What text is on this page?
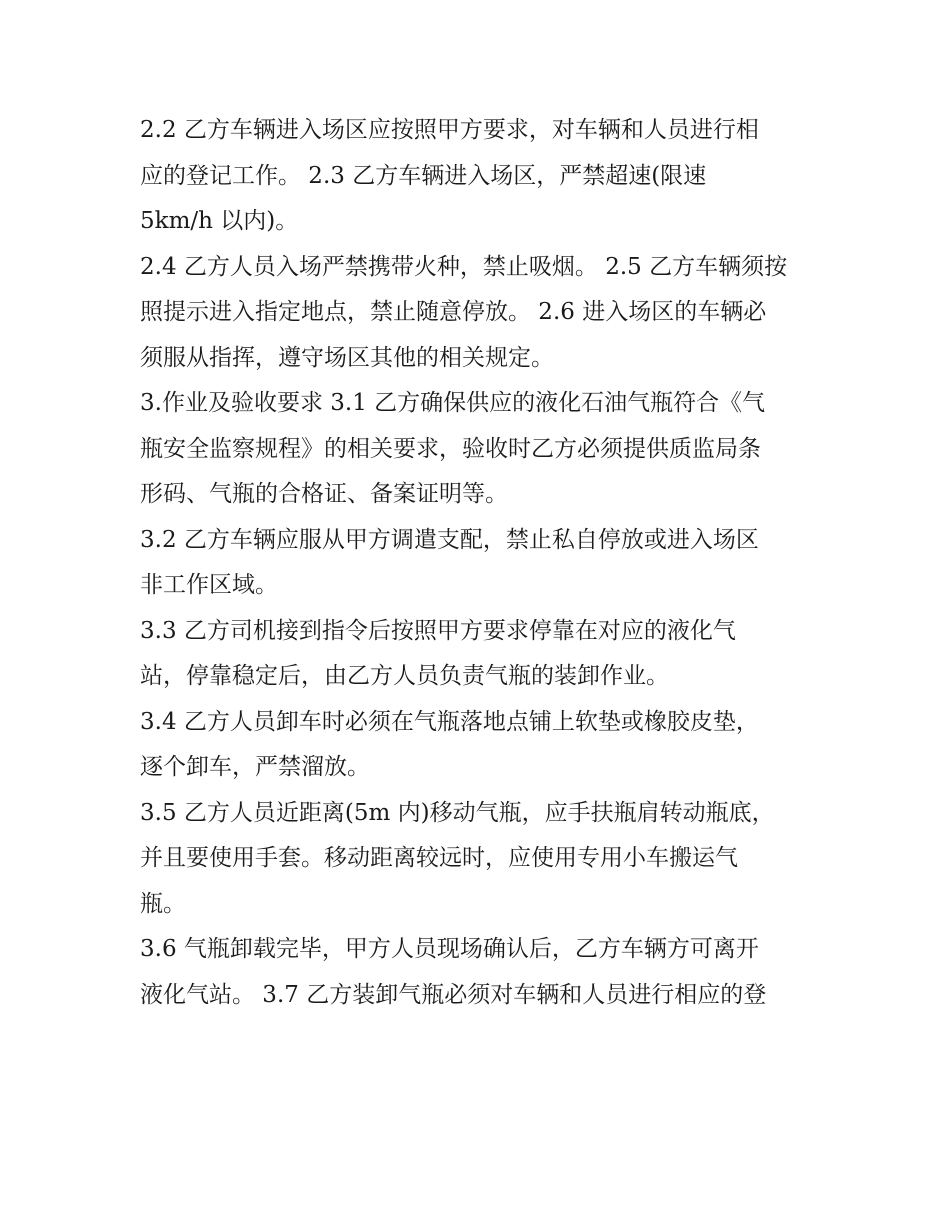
2.2 乙方车辆进入场区应按照甲方要求，对车辆和人员进行相
应的登记工作。 2.3 乙方车辆进入场区，严禁超速(限速
5km/h 以内)。

2.4 乙方人员入场严禁携带火种，禁止吸烟。 2.5 乙方车辆须按
照提示进入指定地点，禁止随意停放。 2.6 进入场区的车辆必
须服从指挥，遵守场区其他的相关规定。

3.作业及验收要求 3.1 乙方确保供应的液化石油气瓶符合《气
瓶安全监察规程》的相关要求，验收时乙方必须提供质监局条
形码、气瓶的合格证、备案证明等。

3.2 乙方车辆应服从甲方调遣支配，禁止私自停放或进入场区
非工作区域。

3.3 乙方司机接到指令后按照甲方要求停靠在对应的液化气
站，停靠稳定后，由乙方人员负责气瓶的装卸作业。

3.4 乙方人员卸车时必须在气瓶落地点铺上软垫或橡胶皮垫，
逐个卸车，严禁溜放。

3.5 乙方人员近距离(5m 内)移动气瓶，应手扶瓶肩转动瓶底，
并且要使用手套。移动距离较远时，应使用专用小车搬运气
瓶。

3.6 气瓶卸载完毕，甲方人员现场确认后，乙方车辆方可离开
液化气站。 3.7 乙方装卸气瓶必须对车辆和人员进行相应的登
